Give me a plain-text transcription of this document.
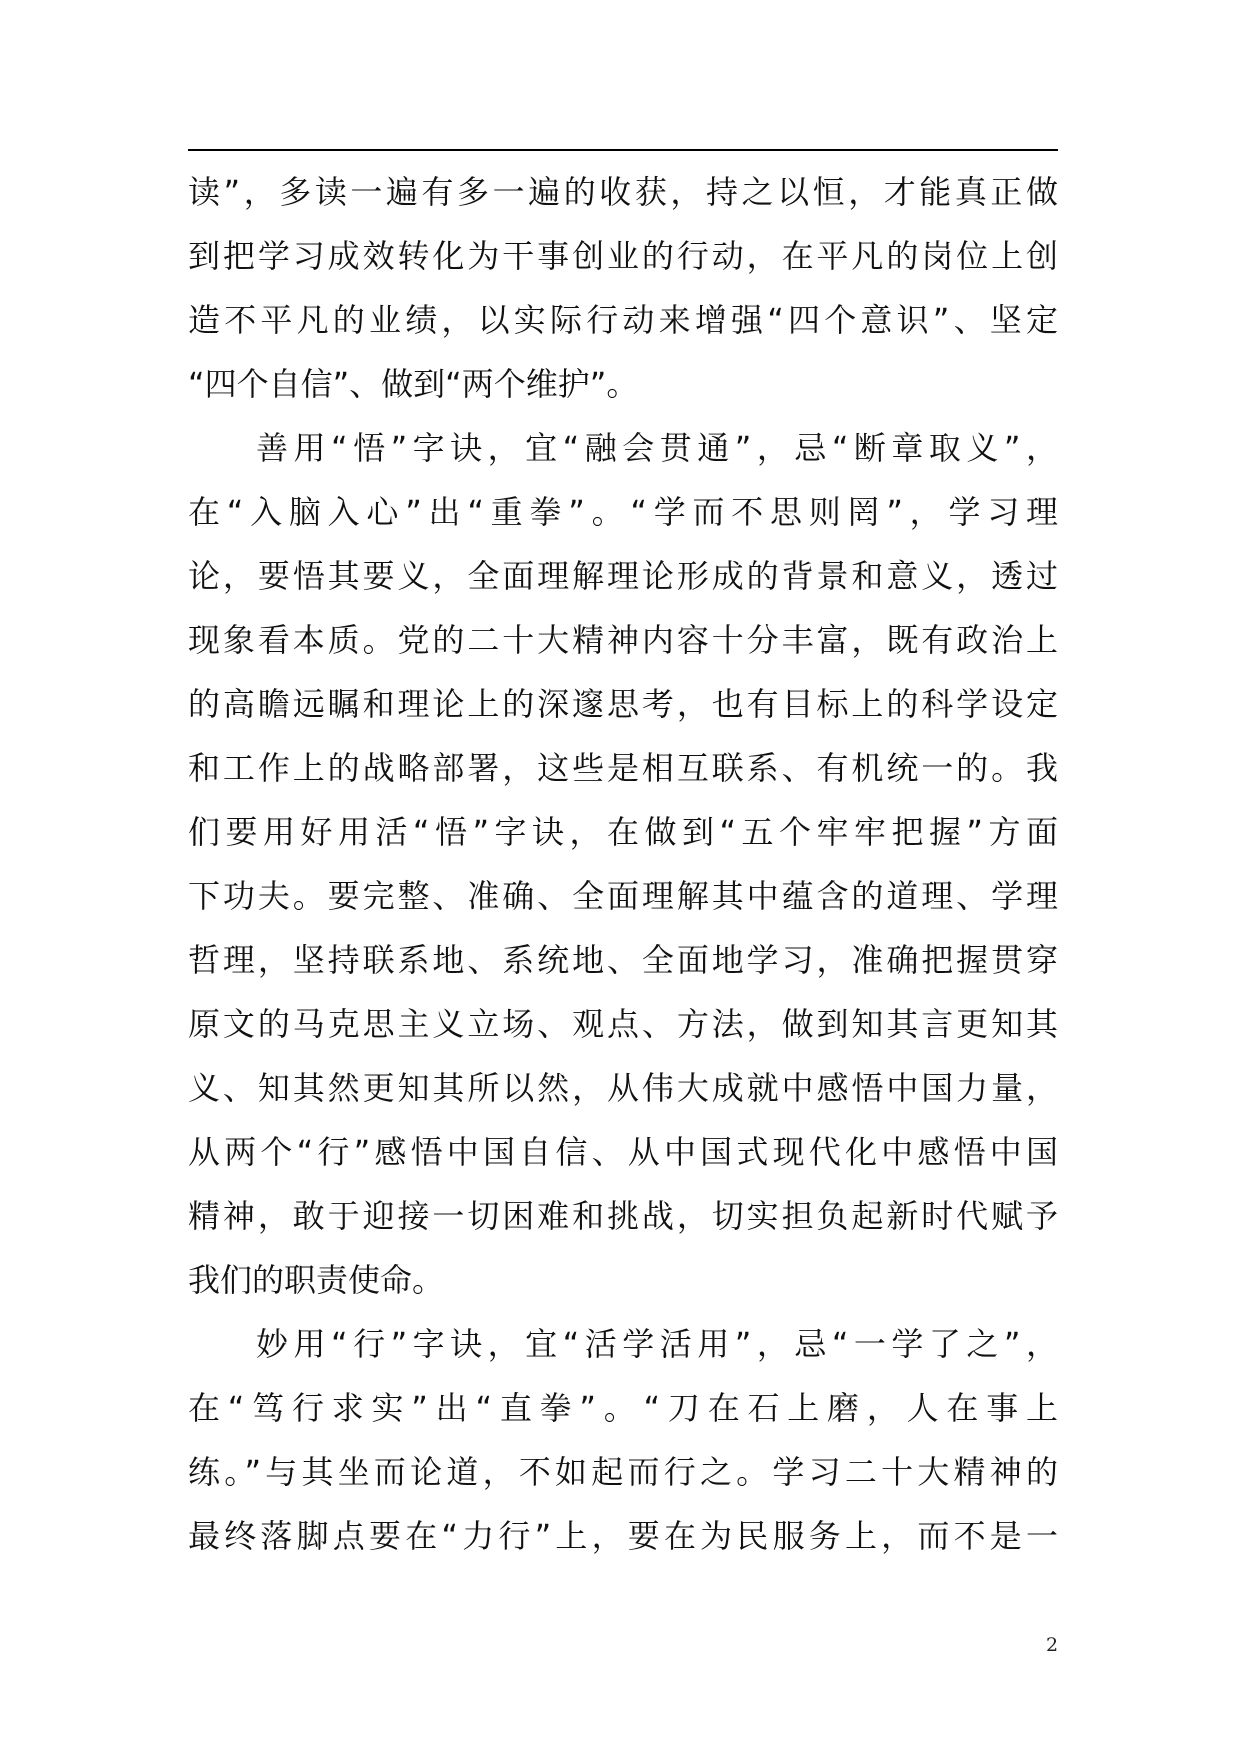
读”，多读一遍有多一遍的收获，持之以恒，才能真正做
到把学习成效转化为干事创业的行动，在平凡的岗位上创
造不平凡的业绩，以实际行动来增强“四个意识”、坚定
“四个自信”、做到“两个维护”。
善用“悟”字诀，宜“融会贯通”，忌“断章取义”，
在“入脑入心”出“重拳”。“学而不思则罔”，学习理
论，要悟其要义，全面理解理论形成的背景和意义，透过
现象看本质。党的二十大精神内容十分丰富，既有政治上
的高瞻远瞩和理论上的深邃思考，也有目标上的科学设定
和工作上的战略部署，这些是相互联系、有机统一的。我
们要用好用活“悟”字诀，在做到“五个牢牢把握”方面
下功夫。要完整、准确、全面理解其中蕴含的道理、学理
哲理，坚持联系地、系统地、全面地学习，准确把握贯穿
原文的马克思主义立场、观点、方法，做到知其言更知其
义、知其然更知其所以然，从伟大成就中感悟中国力量，
从两个“行”感悟中国自信、从中国式现代化中感悟中国
精神，敢于迎接一切困难和挑战，切实担负起新时代赋予
我们的职责使命。
妙用“行”字诀，宜“活学活用”，忌“一学了之”，
在“笃行求实”出“直拳”。“刀在石上磨，人在事上
练。”与其坐而论道，不如起而行之。学习二十大精神的
最终落脚点要在“力行”上，要在为民服务上，而不是一
2
